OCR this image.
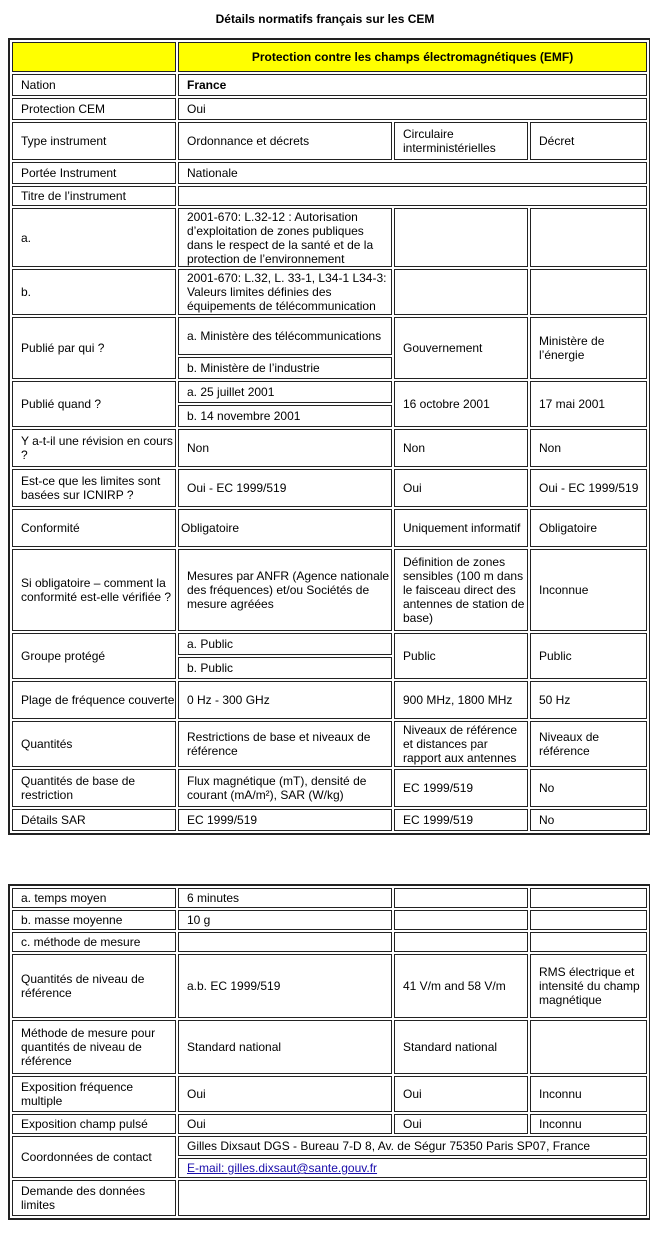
Détails normatifs français sur les CEM
	Protection contre les champs électromagnétiques (EMF)		
Nation	France		
Protection CEM	Oui		
Type instrument	Ordonnance et décrets	Circulaire interministérielles	Décret
Portée Instrument	Nationale		
Titre de l’instrument			
a.	2001-670: L.32-12 : Autorisation d’exploitation de zones publiques dans le respect de la santé et de la protection de l’environnement		
b.	2001-670: L.32, L. 33-1, L34-1 L34-3: Valeurs limites définies des équipements de télécommunication		
Publié par qui ?	a. Ministère des télécommunications	Gouvernement	Ministère de l’énergie
	b. Ministère de l’industrie		
Publié quand ?	a. 25 juillet 2001	16 octobre 2001	17 mai 2001
	b. 14 novembre 2001		
Y a-t-il une révision en cours ?	Non	Non	Non
Est-ce que les limites sont basées sur ICNIRP ?	Oui - EC 1999/519	Oui	Oui - EC 1999/519
Conformité	Obligatoire	Uniquement informatif	Obligatoire
Si obligatoire – comment la conformité est-elle vérifiée ?	Mesures par ANFR (Agence nationale des fréquences) et/ou Sociétés de mesure agréées	Définition de zones sensibles (100 m dans le faisceau direct des antennes de station de base)	Inconnue
Groupe protégé	a. Public	Public	Public
	b. Public		
Plage de fréquence couverte	0 Hz - 300 GHz	900 MHz, 1800 MHz	50 Hz
Quantités	Restrictions de base et niveaux de référence	Niveaux de référence et distances par rapport aux antennes	Niveaux de référence
Quantités de base de restriction	Flux magnétique (mT), densité de courant (mA/m²), SAR (W/kg)	EC 1999/519	No
Détails SAR	EC 1999/519	EC 1999/519	No
a. temps moyen	6 minutes		
b. masse moyenne	10 g		
c. méthode de mesure			
Quantités de niveau de référence	a.b. EC 1999/519	41 V/m and 58 V/m	RMS électrique et intensité du champ magnétique
Méthode de mesure pour quantités de niveau de référence	Standard national	Standard national	
Exposition fréquence multiple	Oui	Oui	Inconnu
Exposition champ pulsé	Oui	Oui	Inconnu
Coordonnées de contact	Gilles Dixsaut DGS - Bureau 7-D 8, Av. de Ségur 75350 Paris SP07, France		
	E-mail: gilles.dixsaut@sante.gouv.fr		
Demande des données limites			
